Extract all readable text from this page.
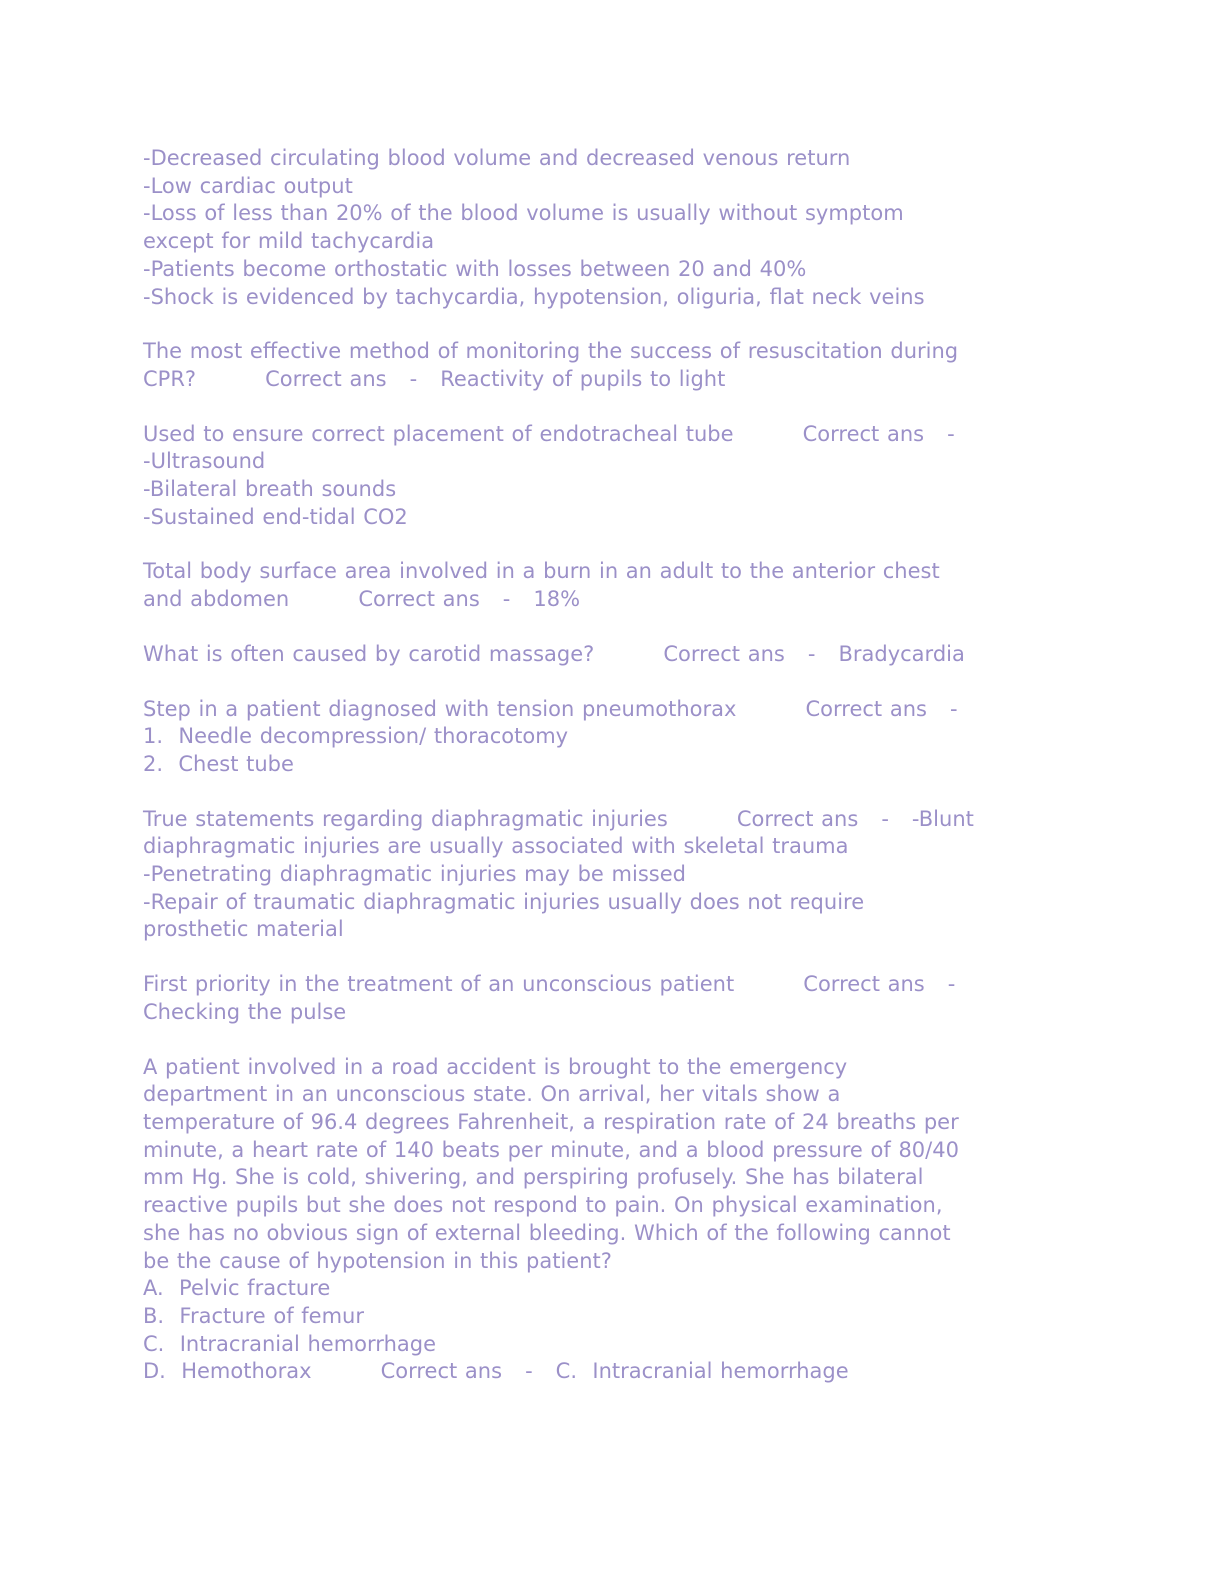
-Decreased circulating blood volume and decreased venous return
-Low cardiac output
-Loss of less than 20% of the blood volume is usually without symptom
except for mild tachycardia
-Patients become orthostatic with losses between 20 and 40%
-Shock is evidenced by tachycardia, hypotension, oliguria, flat neck veins
The most effective method of monitoring the success of resuscitation during
CPR?         Correct ans   -   Reactivity of pupils to light
Used to ensure correct placement of endotracheal tube         Correct ans   -
-Ultrasound
-Bilateral breath sounds
-Sustained end-tidal CO2
Total body surface area involved in a burn in an adult to the anterior chest
and abdomen         Correct ans   -   18%
What is often caused by carotid massage?         Correct ans   -   Bradycardia
Step in a patient diagnosed with tension pneumothorax         Correct ans   -
1.  Needle decompression/ thoracotomy
2.  Chest tube
True statements regarding diaphragmatic injuries         Correct ans   -   -Blunt
diaphragmatic injuries are usually associated with skeletal trauma
-Penetrating diaphragmatic injuries may be missed
-Repair of traumatic diaphragmatic injuries usually does not require
prosthetic material
First priority in the treatment of an unconscious patient         Correct ans   -
Checking the pulse
A patient involved in a road accident is brought to the emergency
department in an unconscious state. On arrival, her vitals show a
temperature of 96.4 degrees Fahrenheit, a respiration rate of 24 breaths per
minute, a heart rate of 140 beats per minute, and a blood pressure of 80/40
mm Hg. She is cold, shivering, and perspiring profusely. She has bilateral
reactive pupils but she does not respond to pain. On physical examination,
she has no obvious sign of external bleeding. Which of the following cannot
be the cause of hypotension in this patient?
A.  Pelvic fracture
B.  Fracture of femur
C.  Intracranial hemorrhage
D.  Hemothorax         Correct ans   -   C.  Intracranial hemorrhage
